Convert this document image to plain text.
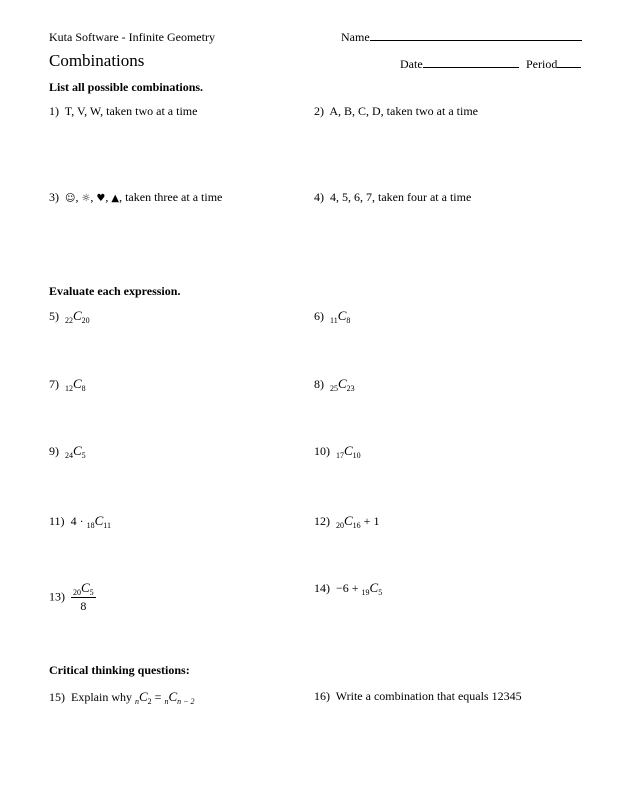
Kuta Software - Infinite Geometry	Name
Combinations	Date	Period
List all possible combinations.
1) T, V, W, taken two at a time	2) A, B, C, D, taken two at a time
3) ☺, ☼, ♥, ▲, taken three at a time	4) 4, 5, 6, 7, taken four at a time
Evaluate each expression.
5) $_{22}C_{20}$	6) $_{11}C_8$
7) $_{12}C_8$	8) $_{25}C_{23}$
9) $_{24}C_5$	10) $_{17}C_{10}$
11) $4 \cdot _{18}C_{11}$	12) $_{20}C_{16} + 1$
$13) \frac{_{20}C_5}{8}$	$14) -6 + _{19}C_5$
Critical thinking questions:
15) Explain why $_nC_2 = _nC_{n - 2}$	16) Write a combination that equals 12345
